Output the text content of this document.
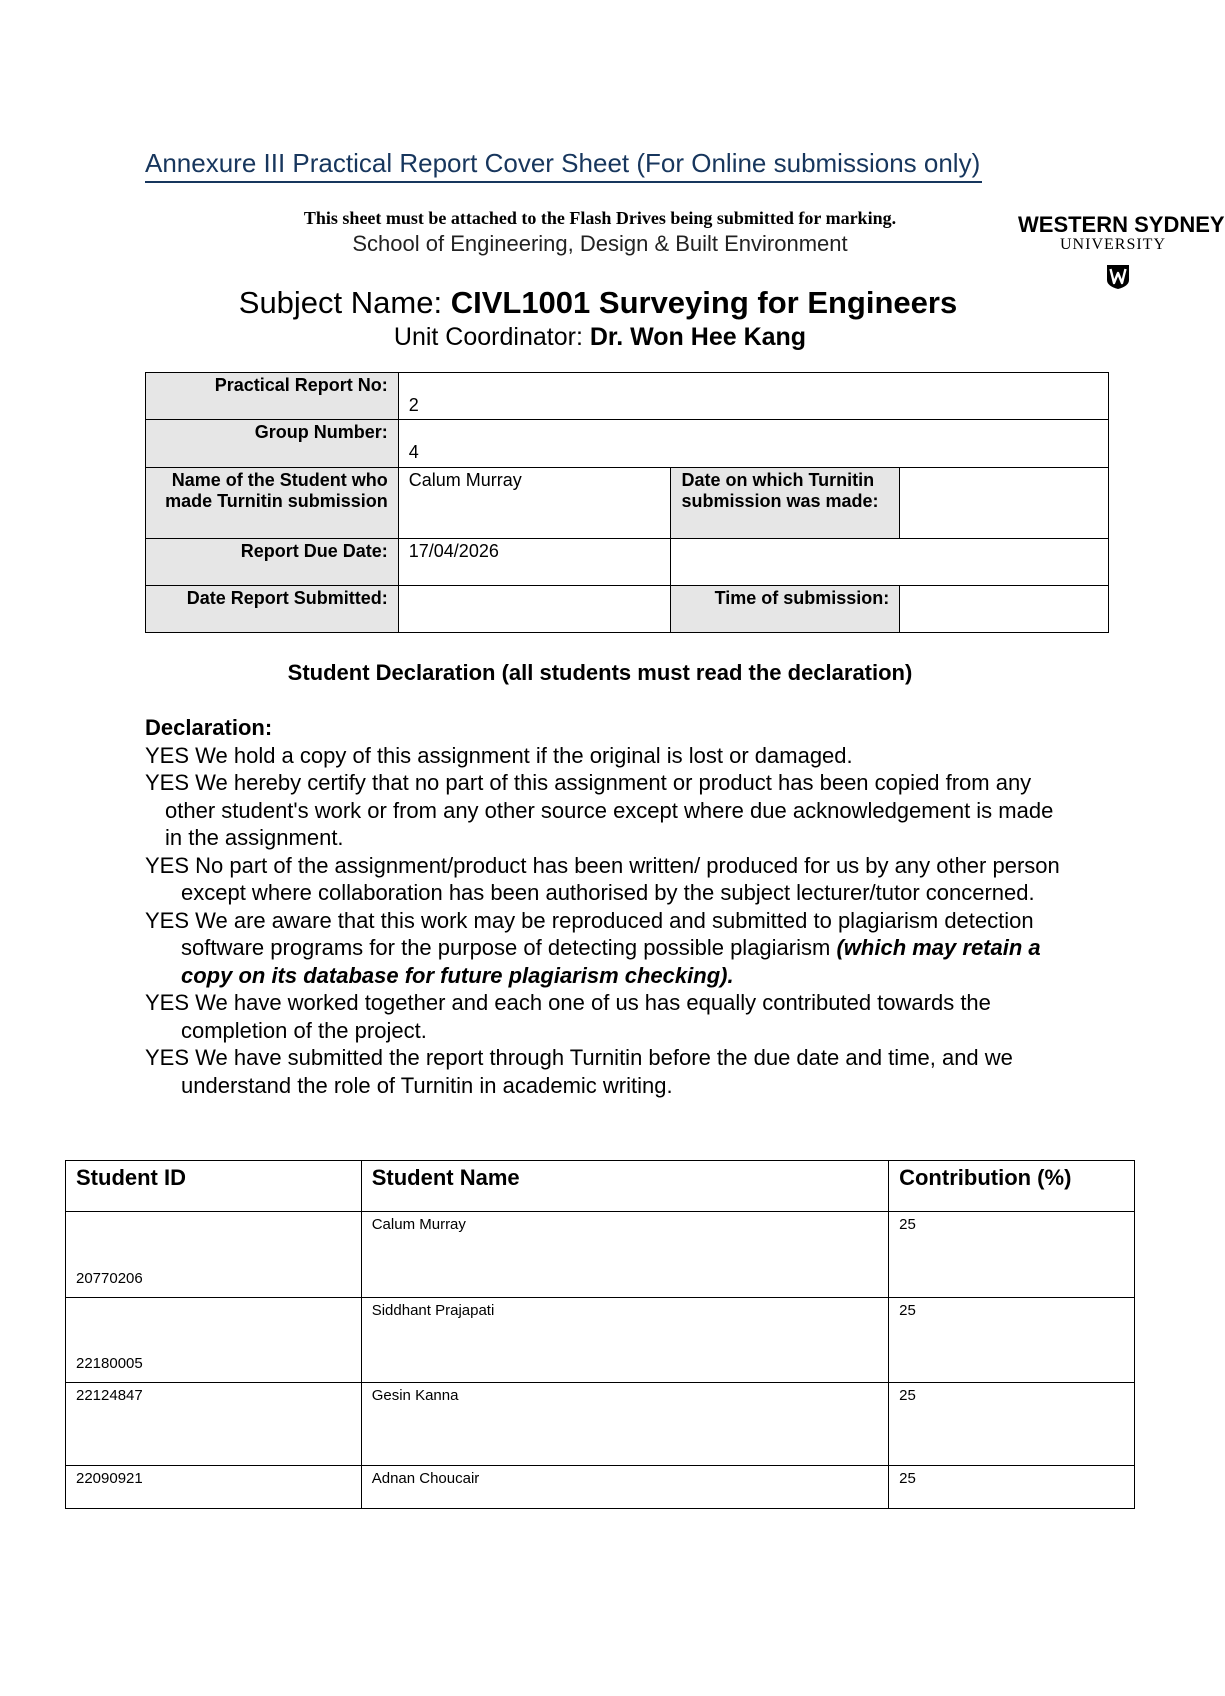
Annexure III Practical Report Cover Sheet (For Online submissions only)
This sheet must be attached to the Flash Drives being submitted for marking.
School of Engineering, Design & Built Environment
WESTERN SYDNEY
UNIVERSITY
Subject Name: CIVL1001 Surveying for Engineers
Unit Coordinator: Dr. Won Hee Kang
Practical Report No:	2		
Group Number:	4		
Name of the Student who made Turnitin submission	Calum Murray	Date on which Turnitin submission was made:	
Report Due Date:	17/04/2026		
Date Report Submitted:		Time of submission:	
Student Declaration (all students must read the declaration)
Declaration:
YES We hold a copy of this assignment if the original is lost or damaged.
YES We hereby certify that no part of this assignment or product has been copied from any other student's work or from any other source except where due acknowledgement is made in the assignment.
YES No part of the assignment/product has been written/ produced for us by any other person except where collaboration has been authorised by the subject lecturer/tutor concerned.
YES We are aware that this work may be reproduced and submitted to plagiarism detection software programs for the purpose of detecting possible plagiarism (which may retain a copy on its database for future plagiarism checking).
YES We have worked together and each one of us has equally contributed towards the completion of the project.
YES We have submitted the report through Turnitin before the due date and time, and we understand the role of Turnitin in academic writing.
Student ID	Student Name	Contribution (%)
20770206	Calum Murray	25
22180005	Siddhant Prajapati	25
22124847	Gesin Kanna	25
22090921	Adnan Choucair	25
